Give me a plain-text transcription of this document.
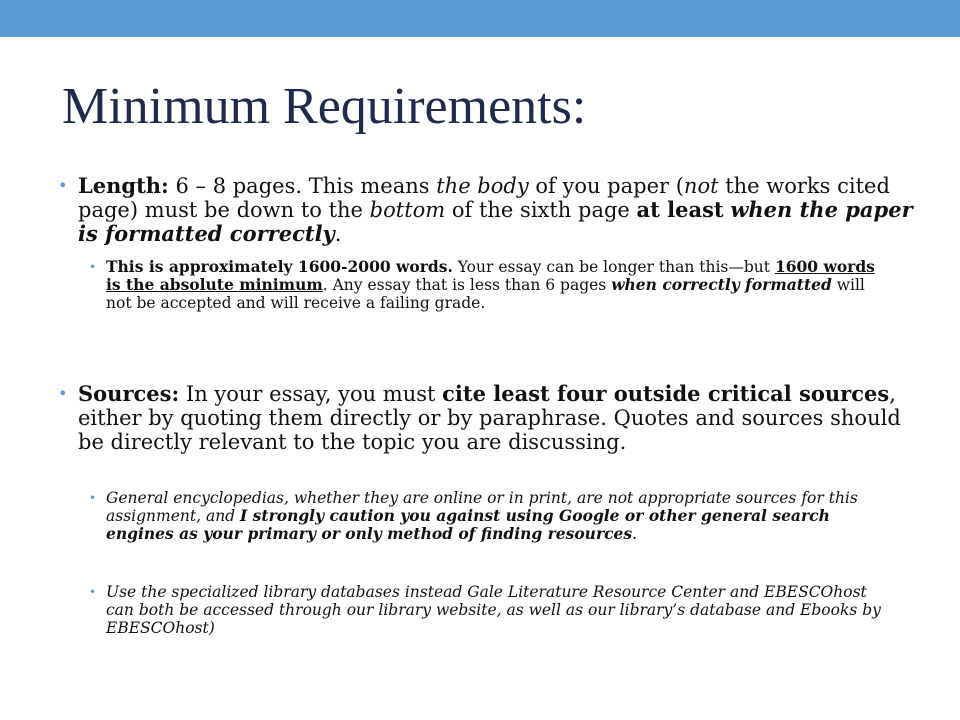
Minimum Requirements:

• Length: 6 – 8 pages. This means the body of you paper (not the works cited page) must be down to the bottom of the sixth page at least when the paper is formatted correctly.

• This is approximately 1600-2000 words. Your essay can be longer than this—but 1600 words is the absolute minimum. Any essay that is less than 6 pages when correctly formatted will not be accepted and will receive a failing grade.

• Sources: In your essay, you must cite least four outside critical sources, either by quoting them directly or by paraphrase. Quotes and sources should be directly relevant to the topic you are discussing.

• General encyclopedias, whether they are online or in print, are not appropriate sources for this assignment, and I strongly caution you against using Google or other general search engines as your primary or only method of finding resources.

• Use the specialized library databases instead Gale Literature Resource Center and EBESCOhost can both be accessed through our library website, as well as our library’s database and Ebooks by EBESCOhost)
